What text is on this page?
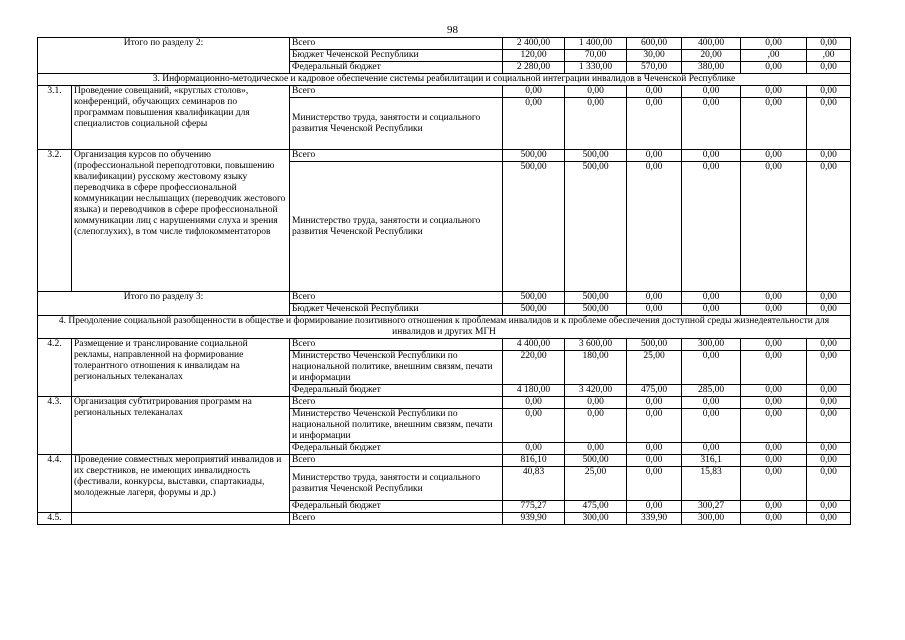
98
Итого по разделу 2:		Всего	2 400,00	1 400,00	600,00	400,00	0,00	0,00
		Бюджет Чеченской Республики	120,00	70,00	30,00	20,00	,00	,00
		Федеральный бюджет	2 280,00	1 330,00	570,00	380,00	0,00	0,00
3. Информационно-методическое и кадровое обеспечение системы реабилитации и социальной интеграции инвалидов в Чеченской Республике								
3.1.	Проведение совещаний, «круглых столов», конференций, обучающих семинаров по программам повышения квалификации для специалистов социальной сферы	Всего	0,00	0,00	0,00	0,00	0,00	0,00
		Министерство труда, занятости и социального развития Чеченской Республики	0,00	0,00	0,00	0,00	0,00	0,00
3.2.	Организация курсов по обучению (профессиональной переподготовки, повышению квалификации) русскому жестовому языку переводчика в сфере профессиональной коммуникации неслышащих (переводчик жестового языка) и переводчиков в сфере профессиональной коммуникации лиц с нарушениями слуха и зрения (слепоглухих), в том числе тифлокомментаторов	Всего	500,00	500,00	0,00	0,00	0,00	0,00
		Министерство труда, занятости и социального развития Чеченской Республики	500,00	500,00	0,00	0,00	0,00	0,00
Итого по разделу 3:		Всего	500,00	500,00	0,00	0,00	0,00	0,00
		Бюджет Чеченской Республики	500,00	500,00	0,00	0,00	0,00	0,00
4. Преодоление социальной разобщенности в обществе и формирование позитивного отношения к проблемам инвалидов и к проблеме обеспечения доступной среды жизнедеятельности для инвалидов и других МГН								
4.2.	Размещение и транслирование социальной рекламы, направленной на формирование толерантного отношения к инвалидам на региональных телеканалах	Всего	4 400,00	3 600,00	500,00	300,00	0,00	0,00
		Министерство Чеченской Республики по национальной политике, внешним связям, печати и информации	220,00	180,00	25,00	0,00	0,00	0,00
		Федеральный бюджет	4 180,00	3 420,00	475,00	285,00	0,00	0,00
4.3.	Организация субтитрирования программ на региональных телеканалах	Всего	0,00	0,00	0,00	0,00	0,00	0,00
		Министерство Чеченской Республики по национальной политике, внешним связям, печати и информации	0,00	0,00	0,00	0,00	0,00	0,00
		Федеральный бюджет	0,00	0,00	0,00	0,00	0,00	0,00
4.4.	Проведение совместных мероприятий инвалидов и их сверстников, не имеющих инвалидность (фестивали, конкурсы, выставки, спартакиады, молодежные лагеря, форумы и др.)	Всего	816,10	500,00	0,00	316,1	0,00	0,00
		Министерство труда, занятости и социального развития Чеченской Республики	40,83	25,00	0,00	15,83	0,00	0,00
		Федеральный бюджет	775,27	475,00	0,00	300,27	0,00	0,00
4.5.		Всего	939,90	300,00	339,90	300,00	0,00	0,00
